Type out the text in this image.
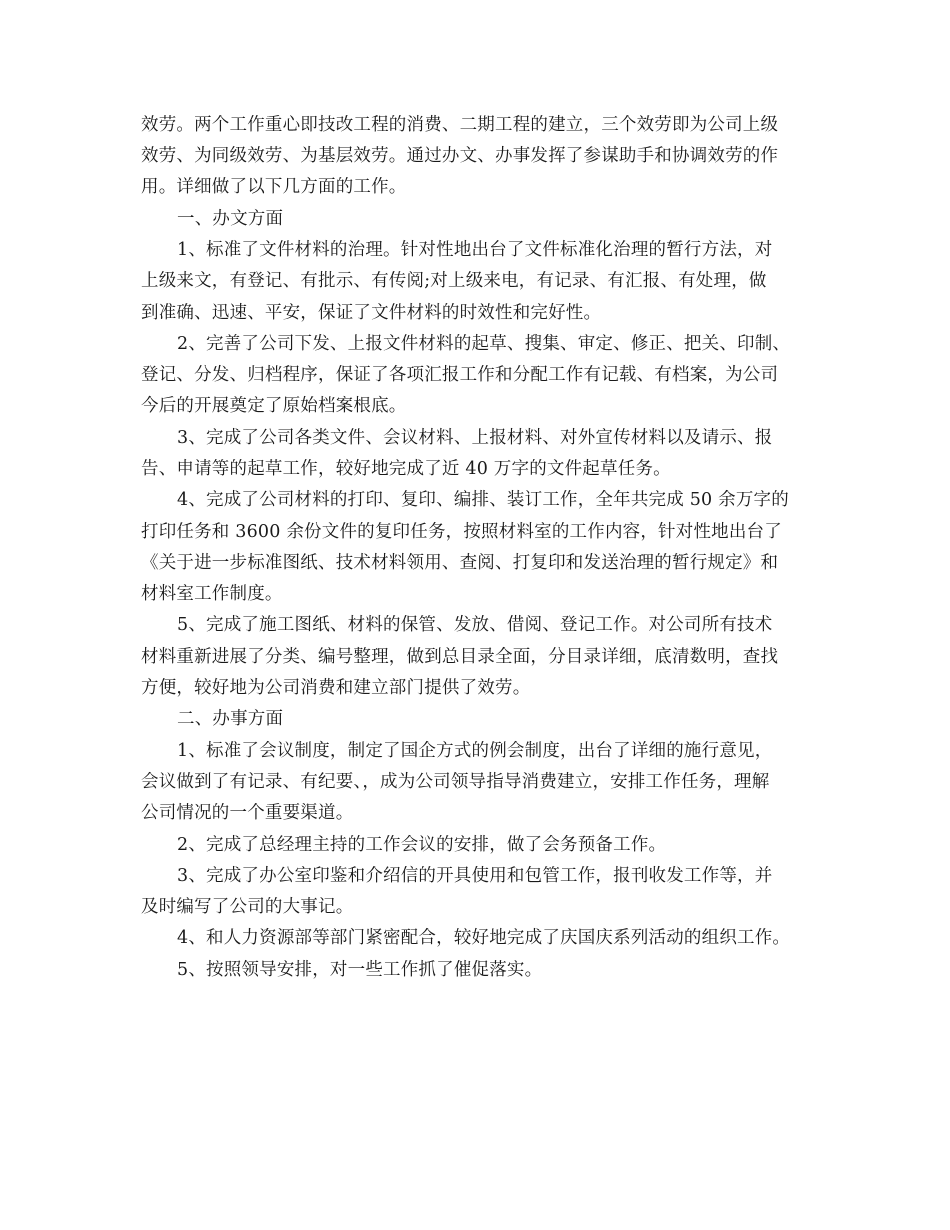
效劳。两个工作重心即技改工程的消费、二期工程的建立，三个效劳即为公司上级
效劳、为同级效劳、为基层效劳。通过办文、办事发挥了参谋助手和协调效劳的作
用。详细做了以下几方面的工作。
一、办文方面
1、标准了文件材料的治理。针对性地出台了文件标准化治理的暂行方法，对
上级来文，有登记、有批示、有传阅;对上级来电，有记录、有汇报、有处理，做
到准确、迅速、平安，保证了文件材料的时效性和完好性。
2、完善了公司下发、上报文件材料的起草、搜集、审定、修正、把关、印制、
登记、分发、归档程序，保证了各项汇报工作和分配工作有记载、有档案，为公司
今后的开展奠定了原始档案根底。
3、完成了公司各类文件、会议材料、上报材料、对外宣传材料以及请示、报
告、申请等的起草工作，较好地完成了近 40 万字的文件起草任务。
4、完成了公司材料的打印、复印、编排、装订工作，全年共完成 50 余万字的
打印任务和 3600 余份文件的复印任务，按照材料室的工作内容，针对性地出台了
《关于进一步标准图纸、技术材料领用、查阅、打复印和发送治理的暂行规定》和
材料室工作制度。
5、完成了施工图纸、材料的保管、发放、借阅、登记工作。对公司所有技术
材料重新进展了分类、编号整理，做到总目录全面，分目录详细，底清数明，查找
方便，较好地为公司消费和建立部门提供了效劳。
二、办事方面
1、标准了会议制度，制定了国企方式的例会制度，出台了详细的施行意见，
会议做到了有记录、有纪要、，成为公司领导指导消费建立，安排工作任务，理解
公司情况的一个重要渠道。
2、完成了总经理主持的工作会议的安排，做了会务预备工作。
3、完成了办公室印鉴和介绍信的开具使用和包管工作，报刊收发工作等，并
及时编写了公司的大事记。
4、和人力资源部等部门紧密配合，较好地完成了庆国庆系列活动的组织工作。
5、按照领导安排，对一些工作抓了催促落实。
